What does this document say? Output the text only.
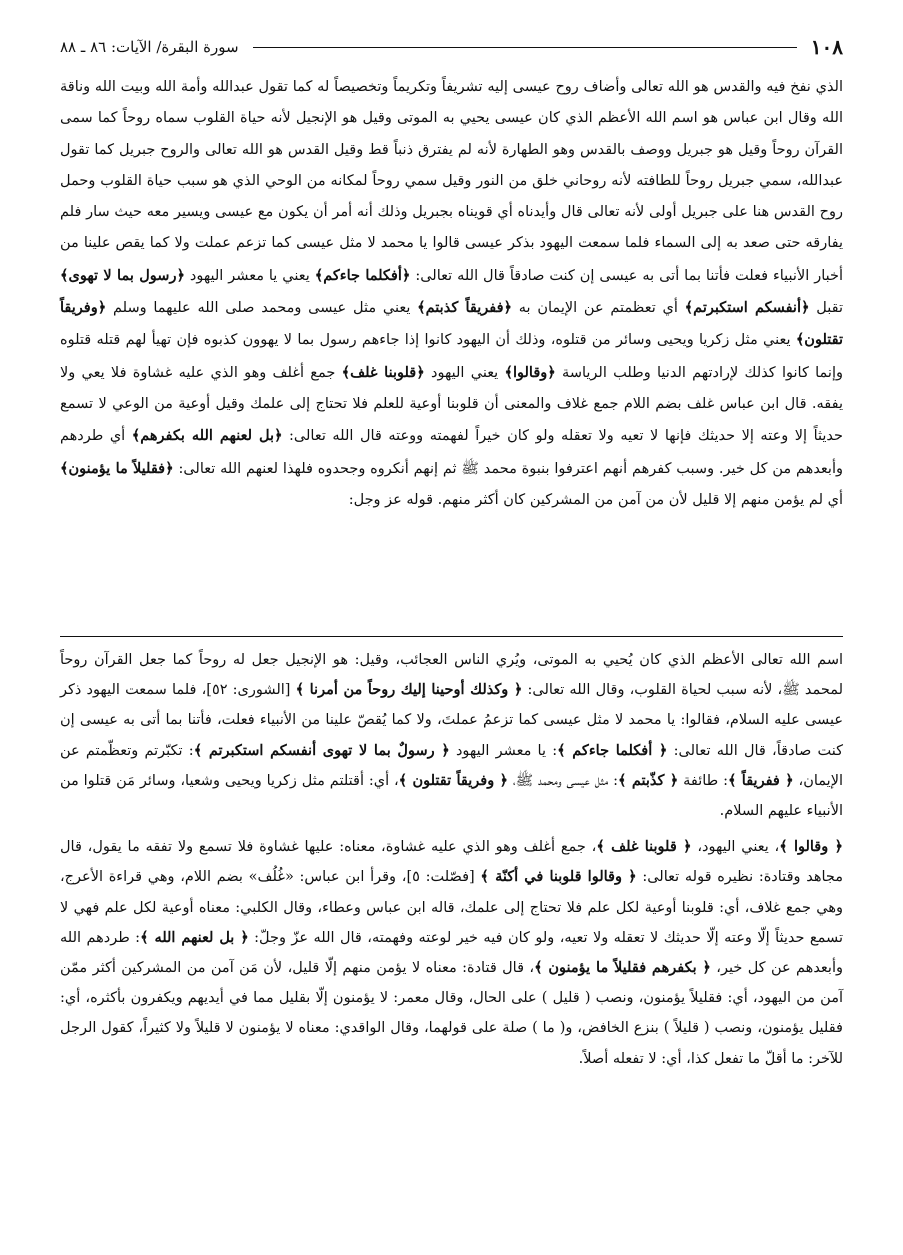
١٠٨
سورة البقرة/ الآيات: ٨٦ ـ ٨٨

الذي نفخ فيه والقدس هو الله تعالى وأضاف روح عيسى إليه تشريفاً وتكريماً وتخصيصاً له كما تقول عبدالله وأمة الله وبيت الله وناقة الله وقال ابن عباس هو اسم الله الأعظم الذي كان عيسى يحيي به الموتى وقيل هو الإنجيل لأنه حياة القلوب سماه روحاً كما سمى القرآن روحاً وقيل هو جبريل ووصف بالقدس وهو الطهارة لأنه لم يفترق ذنباً قط وقيل القدس هو الله تعالى والروح جبريل كما تقول عبدالله، سمي جبريل روحاً للطافته لأنه روحاني خلق من النور وقيل سمي روحاً لمكانه من الوحي الذي هو سبب حياة القلوب وحمل روح القدس هنا على جبريل أولى لأنه تعالى قال وأيدناه أي قويناه بجبريل وذلك أنه أمر أن يكون مع عيسى ويسير معه حيث سار فلم يفارقه حتى صعد به إلى السماء فلما سمعت اليهود بذكر عيسى قالوا يا محمد لا مثل عيسى كما تزعم عملت ولا كما يقص علينا من أخبار الأنبياء فعلت فأتنا بما أتى به عيسى إن كنت صادقاً قال الله تعالى: ﴿أفكلما جاءكم﴾ يعني يا معشر اليهود ﴿رسول بما لا تهوى﴾ تقبل ﴿أنفسكم استكبرتم﴾ أي تعظمتم عن الإيمان به ﴿ففريقاً كذبتم﴾ يعني مثل عيسى ومحمد صلى الله عليهما وسلم ﴿وفريقاً تقتلون﴾ يعني مثل زكريا ويحيى وسائر من قتلوه، وذلك أن اليهود كانوا إذا جاءهم رسول بما لا يهوون كذبوه فإن تهيأ لهم قتله قتلوه وإنما كانوا كذلك لإرادتهم الدنيا وطلب الرياسة ﴿وقالوا﴾ يعني اليهود ﴿قلوبنا غلف﴾ جمع أغلف وهو الذي عليه غشاوة فلا يعي ولا يفقه. قال ابن عباس غلف بضم اللام جمع غلاف والمعنى أن قلوبنا أوعية للعلم فلا تحتاج إلى علمك وقيل أوعية من الوعي لا تسمع حديثاً إلا وعته إلا حديثك فإنها لا تعيه ولا تعقله ولو كان خيراً لفهمته ووعته قال الله تعالى: ﴿بل لعنهم الله بكفرهم﴾ أي طردهم وأبعدهم من كل خير. وسبب كفرهم أنهم اعترفوا بنبوة محمد ﷺ ثم إنهم أنكروه وجحدوه فلهذا لعنهم الله تعالى: ﴿فقليلاً ما يؤمنون﴾ أي لم يؤمن منهم إلا قليل لأن من آمن من المشركين كان أكثر منهم. قوله عز وجل:

اسم الله تعالى الأعظم الذي كان يُحيي به الموتى، ويُري الناس العجائب، وقيل: هو الإنجيل جعل له روحاً كما جعل القرآن روحاً لمحمد ﷺ، لأنه سبب لحياة القلوب، وقال الله تعالى: ﴿ وكذلك أوحينا إليك روحاً من أمرنا ﴾ [الشورى: ٥٢]، فلما سمعت اليهود ذكر عيسى عليه السلام، فقالوا: يا محمد لا مثل عيسى كما تزعمُ عملتَ، ولا كما يُقصّ علينا من الأنبياء فعلت، فأتنا بما أتى به عيسى إن كنت صادقاً، قال الله تعالى: ﴿ أفكلما جاءكم ﴾: يا معشر اليهود ﴿ رسولٌ بما لا تهوى أنفسكم استكبرتم ﴾: تكبّرتم وتعظّمتم عن الإيمان، ﴿ ففريقاً ﴾: طائفة ﴿ كذّبتم ﴾: مثل عيسى ومحمد ﷺ، ﴿ وفريقاً تقتلون ﴾، أي: أقتلتم مثل زكريا ويحيى وشعيا، وسائر مَن قتلوا من الأنبياء عليهم السلام.

﴿ وقالوا ﴾، يعني اليهود، ﴿ قلوبنا غلف ﴾، جمع أغلف وهو الذي عليه غشاوة، معناه: عليها غشاوة فلا تسمع ولا تفقه ما يقول، قال مجاهد وقتادة: نظيره قوله تعالى: ﴿ وقالوا قلوبنا في أكنّة ﴾ [فصّلت: ٥]، وقرأ ابن عباس: «غُلُف» بضم اللام، وهي قراءة الأعرج، وهي جمع غلاف، أي: قلوبنا أوعية لكل علم فلا تحتاج إلى علمك، قاله ابن عباس وعطاء، وقال الكلبي: معناه أوعية لكل علم فهي لا تسمع حديثاً إلّا وعته إلّا حديثك لا تعقله ولا تعيه، ولو كان فيه خير لوعته وفهمته، قال الله عزّ وجلّ: ﴿ بل لعنهم الله ﴾: طردهم الله وأبعدهم عن كل خير، ﴿ بكفرهم فقليلاً ما يؤمنون ﴾، قال قتادة: معناه لا يؤمن منهم إلّا قليل، لأن مَن آمن من المشركين أكثر ممّن آمن من اليهود، أي: فقليلاً يؤمنون، ونصب ( قليل ) على الحال، وقال معمر: لا يؤمنون إلّا بقليل مما في أيديهم ويكفرون بأكثره، أي: فقليل يؤمنون، ونصب ( قليلاً ) بنزع الخافض، و( ما ) صلة على قولهما، وقال الواقدي: معناه لا يؤمنون لا قليلاً ولا كثيراً، كقول الرجل للآخر: ما أقلّ ما تفعل كذا، أي: لا تفعله أصلاً.
